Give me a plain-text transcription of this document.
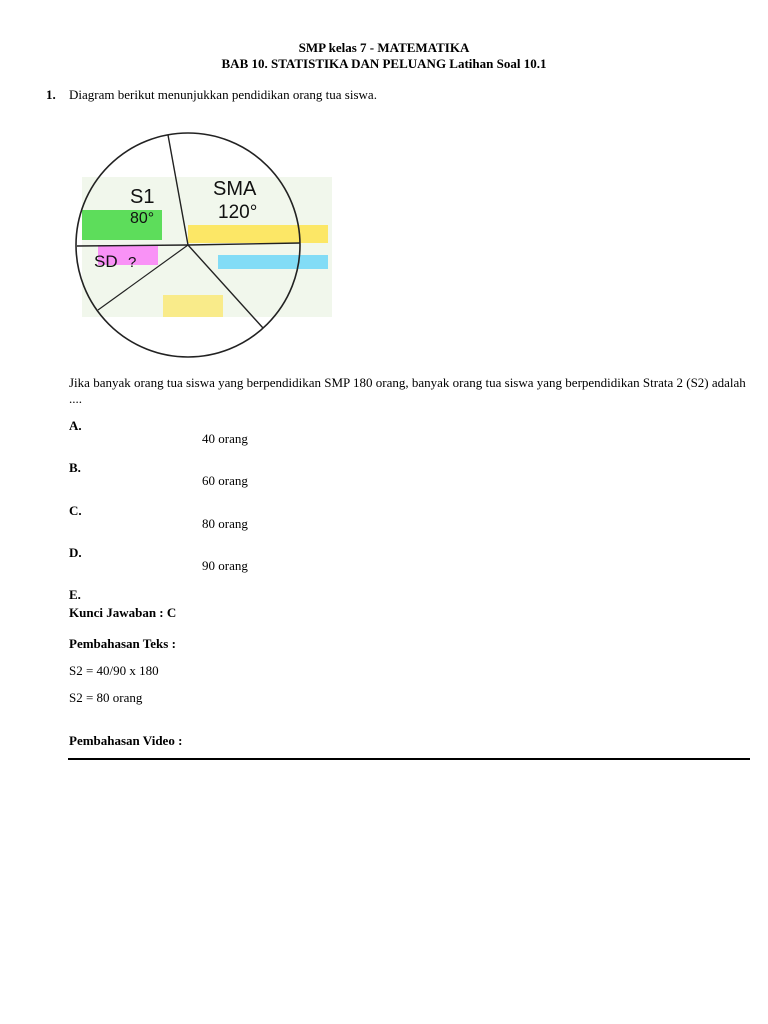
SMP kelas 7 - MATEMATIKA
BAB 10. STATISTIKA DAN PELUANG Latihan Soal 10.1
1. Diagram berikut menunjukkan pendidikan orang tua siswa.
S1
80°
SMA
120°
SD ?
Jika banyak orang tua siswa yang berpendidikan SMP 180 orang, banyak orang tua siswa yang berpendidikan Strata 2 (S2) adalah
....
A.
40 orang
B.
60 orang
C.
80 orang
D.
90 orang
E.
Kunci Jawaban : C
Pembahasan Teks :
S2 = 40/90 x 180
S2 = 80 orang
Pembahasan Video :
